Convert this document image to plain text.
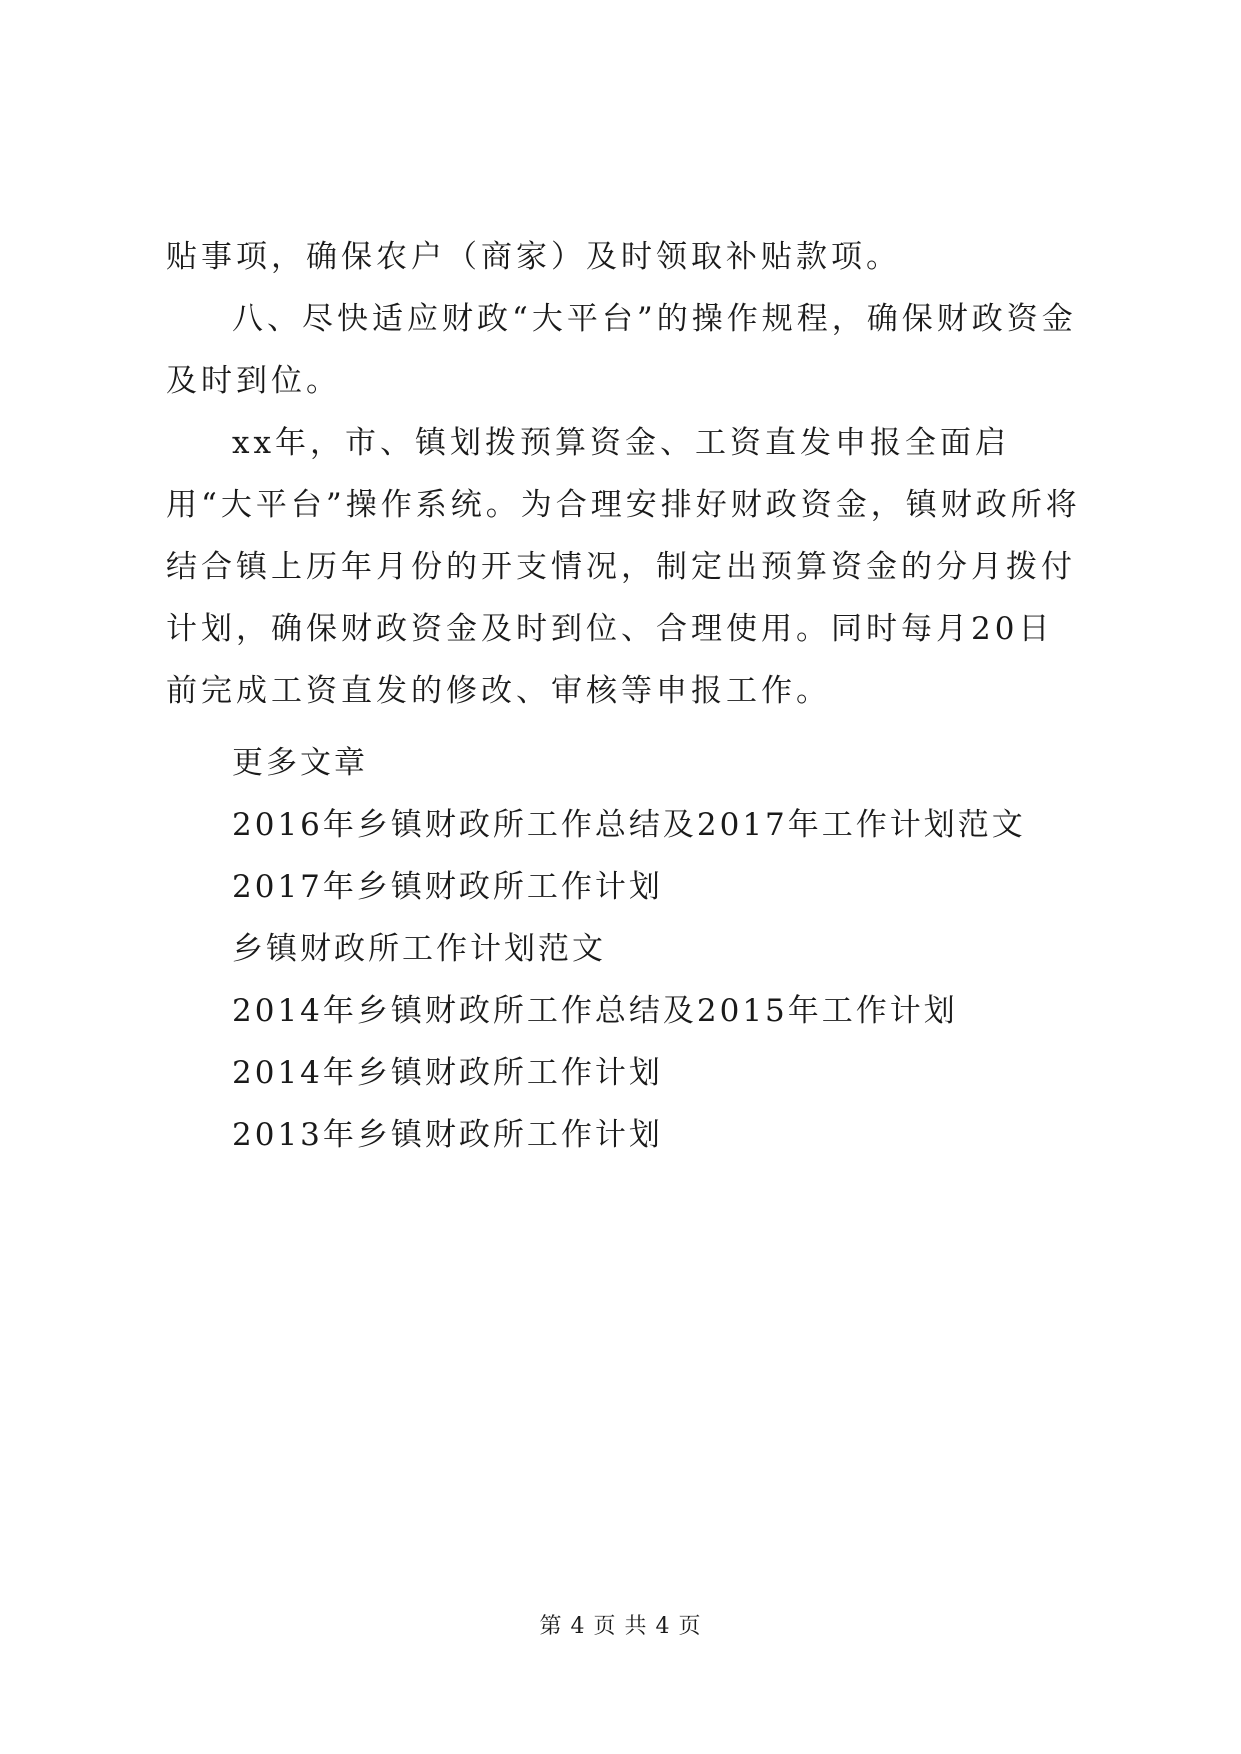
贴事项，确保农户（商家）及时领取补贴款项。

八、尽快适应财政“大平台”的操作规程，确保财政资金及时到位。

xx年，市、镇划拨预算资金、工资直发申报全面启用“大平台”操作系统。为合理安排好财政资金，镇财政所将结合镇上历年月份的开支情况，制定出预算资金的分月拨付计划，确保财政资金及时到位、合理使用。同时每月20日前完成工资直发的修改、审核等申报工作。

更多文章
2016年乡镇财政所工作总结及2017年工作计划范文
2017年乡镇财政所工作计划
乡镇财政所工作计划范文
2014年乡镇财政所工作总结及2015年工作计划
2014年乡镇财政所工作计划
2013年乡镇财政所工作计划
第 4 页 共 4 页
